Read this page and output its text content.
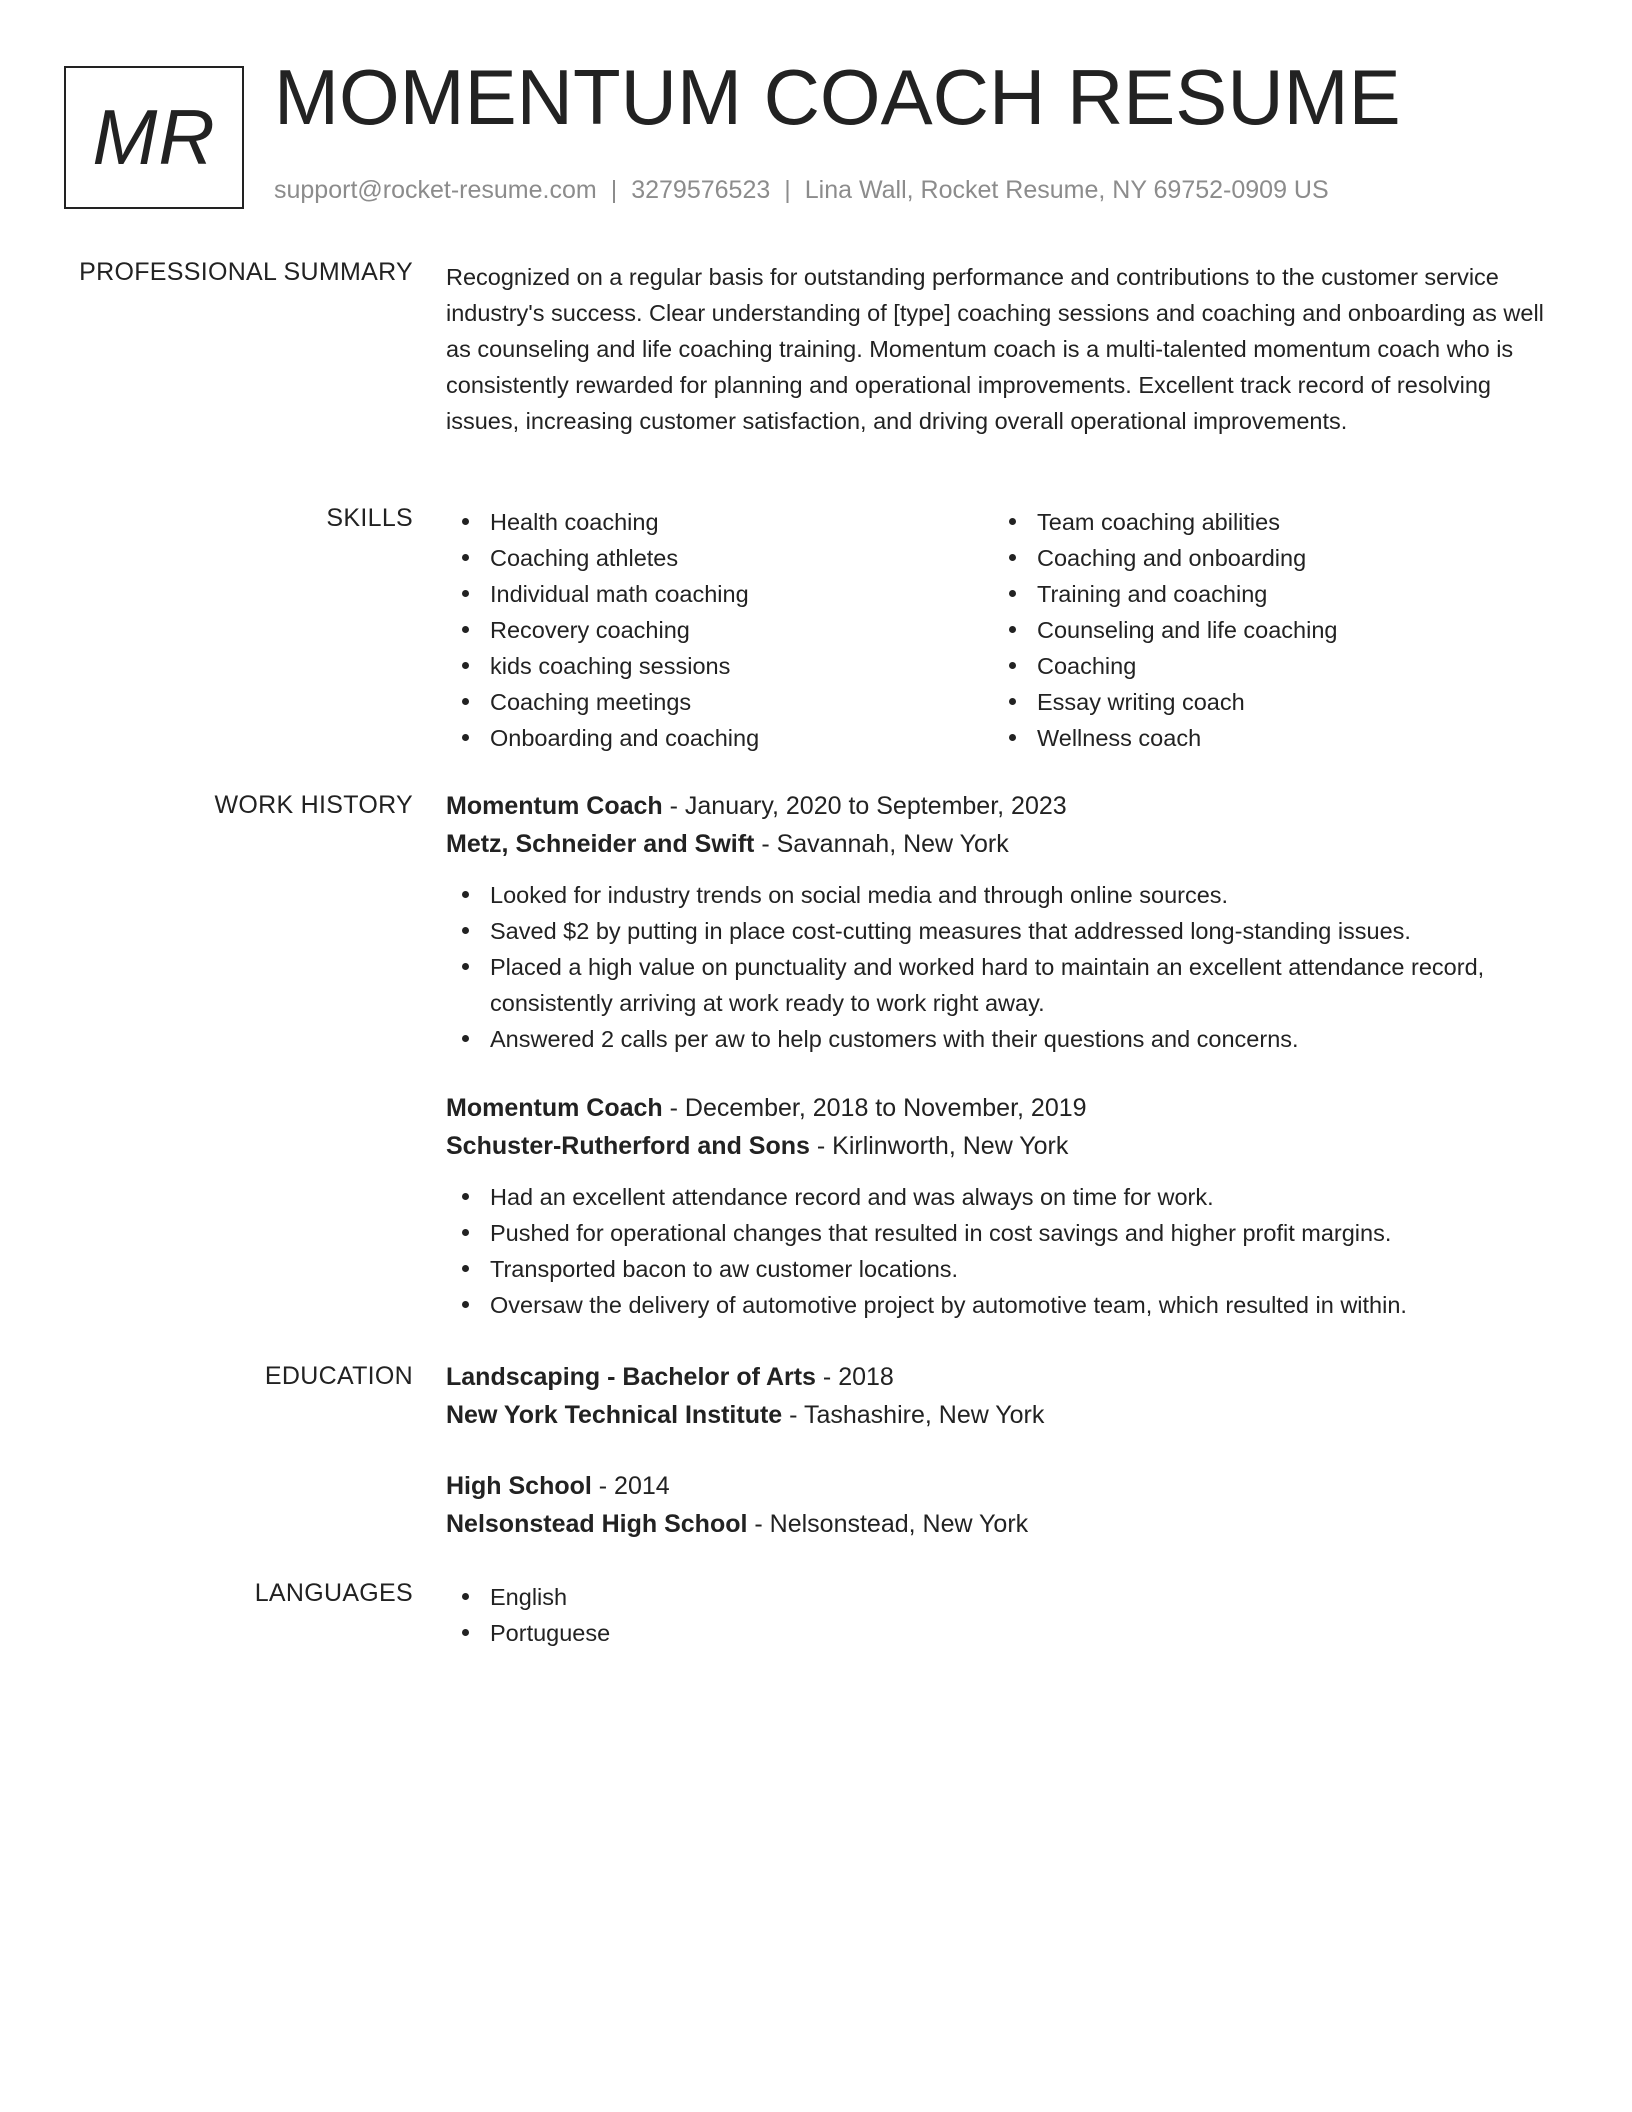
MR MOMENTUM COACH RESUME
support@rocket-resume.com | 3279576523 | Lina Wall, Rocket Resume, NY 69752-0909 US
PROFESSIONAL SUMMARY Recognized on a regular basis for outstanding performance and contributions to the customer service industry's success. Clear understanding of [type] coaching sessions and coaching and onboarding as well as counseling and life coaching training. Momentum coach is a multi-talented momentum coach who is consistently rewarded for planning and operational improvements. Excellent track record of resolving issues, increasing customer satisfaction, and driving overall operational improvements.
SKILLS	Health coaching
Coaching athletes
Individual math coaching
Recovery coaching
kids coaching sessions
Coaching meetings
Onboarding and coaching
Team coaching abilities
Coaching and onboarding
Training and coaching
Counseling and life coaching
Coaching
Essay writing coach
Wellness coach
WORK HISTORY Momentum Coach - January, 2020 to September, 2023
Metz, Schneider and Swift - Savannah, New York
Looked for industry trends on social media and through online sources.
Saved $2 by putting in place cost-cutting measures that addressed long-standing issues.
Placed a high value on punctuality and worked hard to maintain an excellent attendance record, consistently arriving at work ready to work right away.
Answered 2 calls per aw to help customers with their questions and concerns.
Momentum Coach - December, 2018 to November, 2019
Schuster-Rutherford and Sons - Kirlinworth, New York
Had an excellent attendance record and was always on time for work.
Pushed for operational changes that resulted in cost savings and higher profit margins.
Transported bacon to aw customer locations.
Oversaw the delivery of automotive project by automotive team, which resulted in within.
EDUCATION Landscaping - Bachelor of Arts - 2018
New York Technical Institute - Tashashire, New York
High School - 2014
Nelsonstead High School - Nelsonstead, New York
LANGUAGES	English
Portuguese
